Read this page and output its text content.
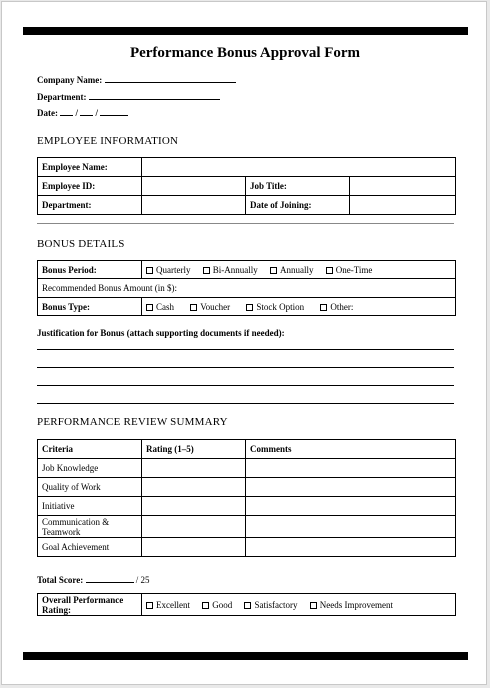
Performance Bonus Approval Form
Company Name:
Department:
Date: / /
EMPLOYEE INFORMATION
Employee Name:			
Employee ID:		Job Title:	
Department:		Date of Joining:	
BONUS DETAILS
Bonus Period:	Quarterly Bi-Annually Annually One-Time
Recommended Bonus Amount (in $):	
Bonus Type:	Cash Voucher Stock Option Other:
Justification for Bonus (attach supporting documents if needed):
PERFORMANCE REVIEW SUMMARY
Criteria	Rating (1–5)	Comments
Job Knowledge		
Quality of Work		
Initiative		
Communication & Teamwork		
Goal Achievement		
Total Score:	/ 25
Overall Performance Rating:	Excellent Good Satisfactory Needs Improvement
